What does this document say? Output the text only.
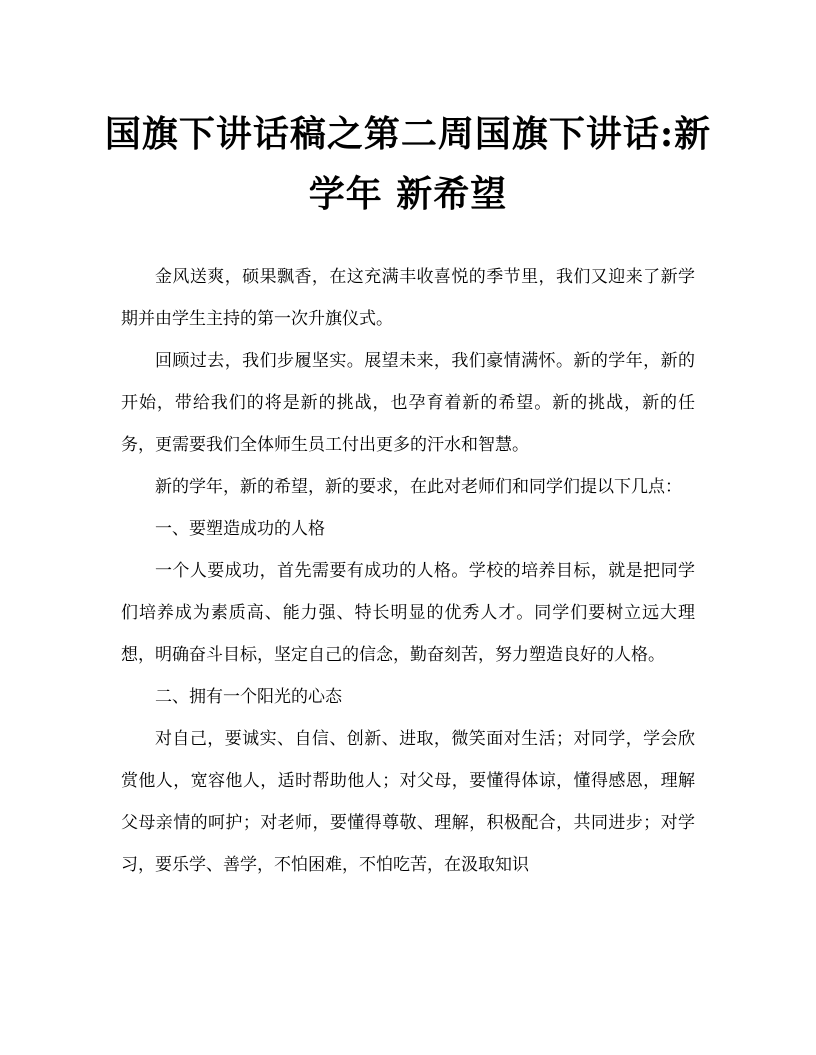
国旗下讲话稿之第二周国旗下讲话:新
学年 新希望

金风送爽，硕果飘香，在这充满丰收喜悦的季节里，我们又迎来了新学期并由学生主持的第一次升旗仪式。

回顾过去，我们步履坚实。展望未来，我们豪情满怀。新的学年，新的开始，带给我们的将是新的挑战，也孕育着新的希望。新的挑战，新的任务，更需要我们全体师生员工付出更多的汗水和智慧。

新的学年，新的希望，新的要求，在此对老师们和同学们提以下几点：

一、要塑造成功的人格

一个人要成功，首先需要有成功的人格。学校的培养目标，就是把同学们培养成为素质高、能力强、特长明显的优秀人才。同学们要树立远大理想，明确奋斗目标，坚定自己的信念，勤奋刻苦，努力塑造良好的人格。

二、拥有一个阳光的心态

对自己，要诚实、自信、创新、进取，微笑面对生活；对同学，学会欣赏他人，宽容他人，适时帮助他人；对父母，要懂得体谅，懂得感恩，理解父母亲情的呵护；对老师，要懂得尊敬、理解，积极配合，共同进步；对学习，要乐学、善学，不怕困难，不怕吃苦，在汲取知识
